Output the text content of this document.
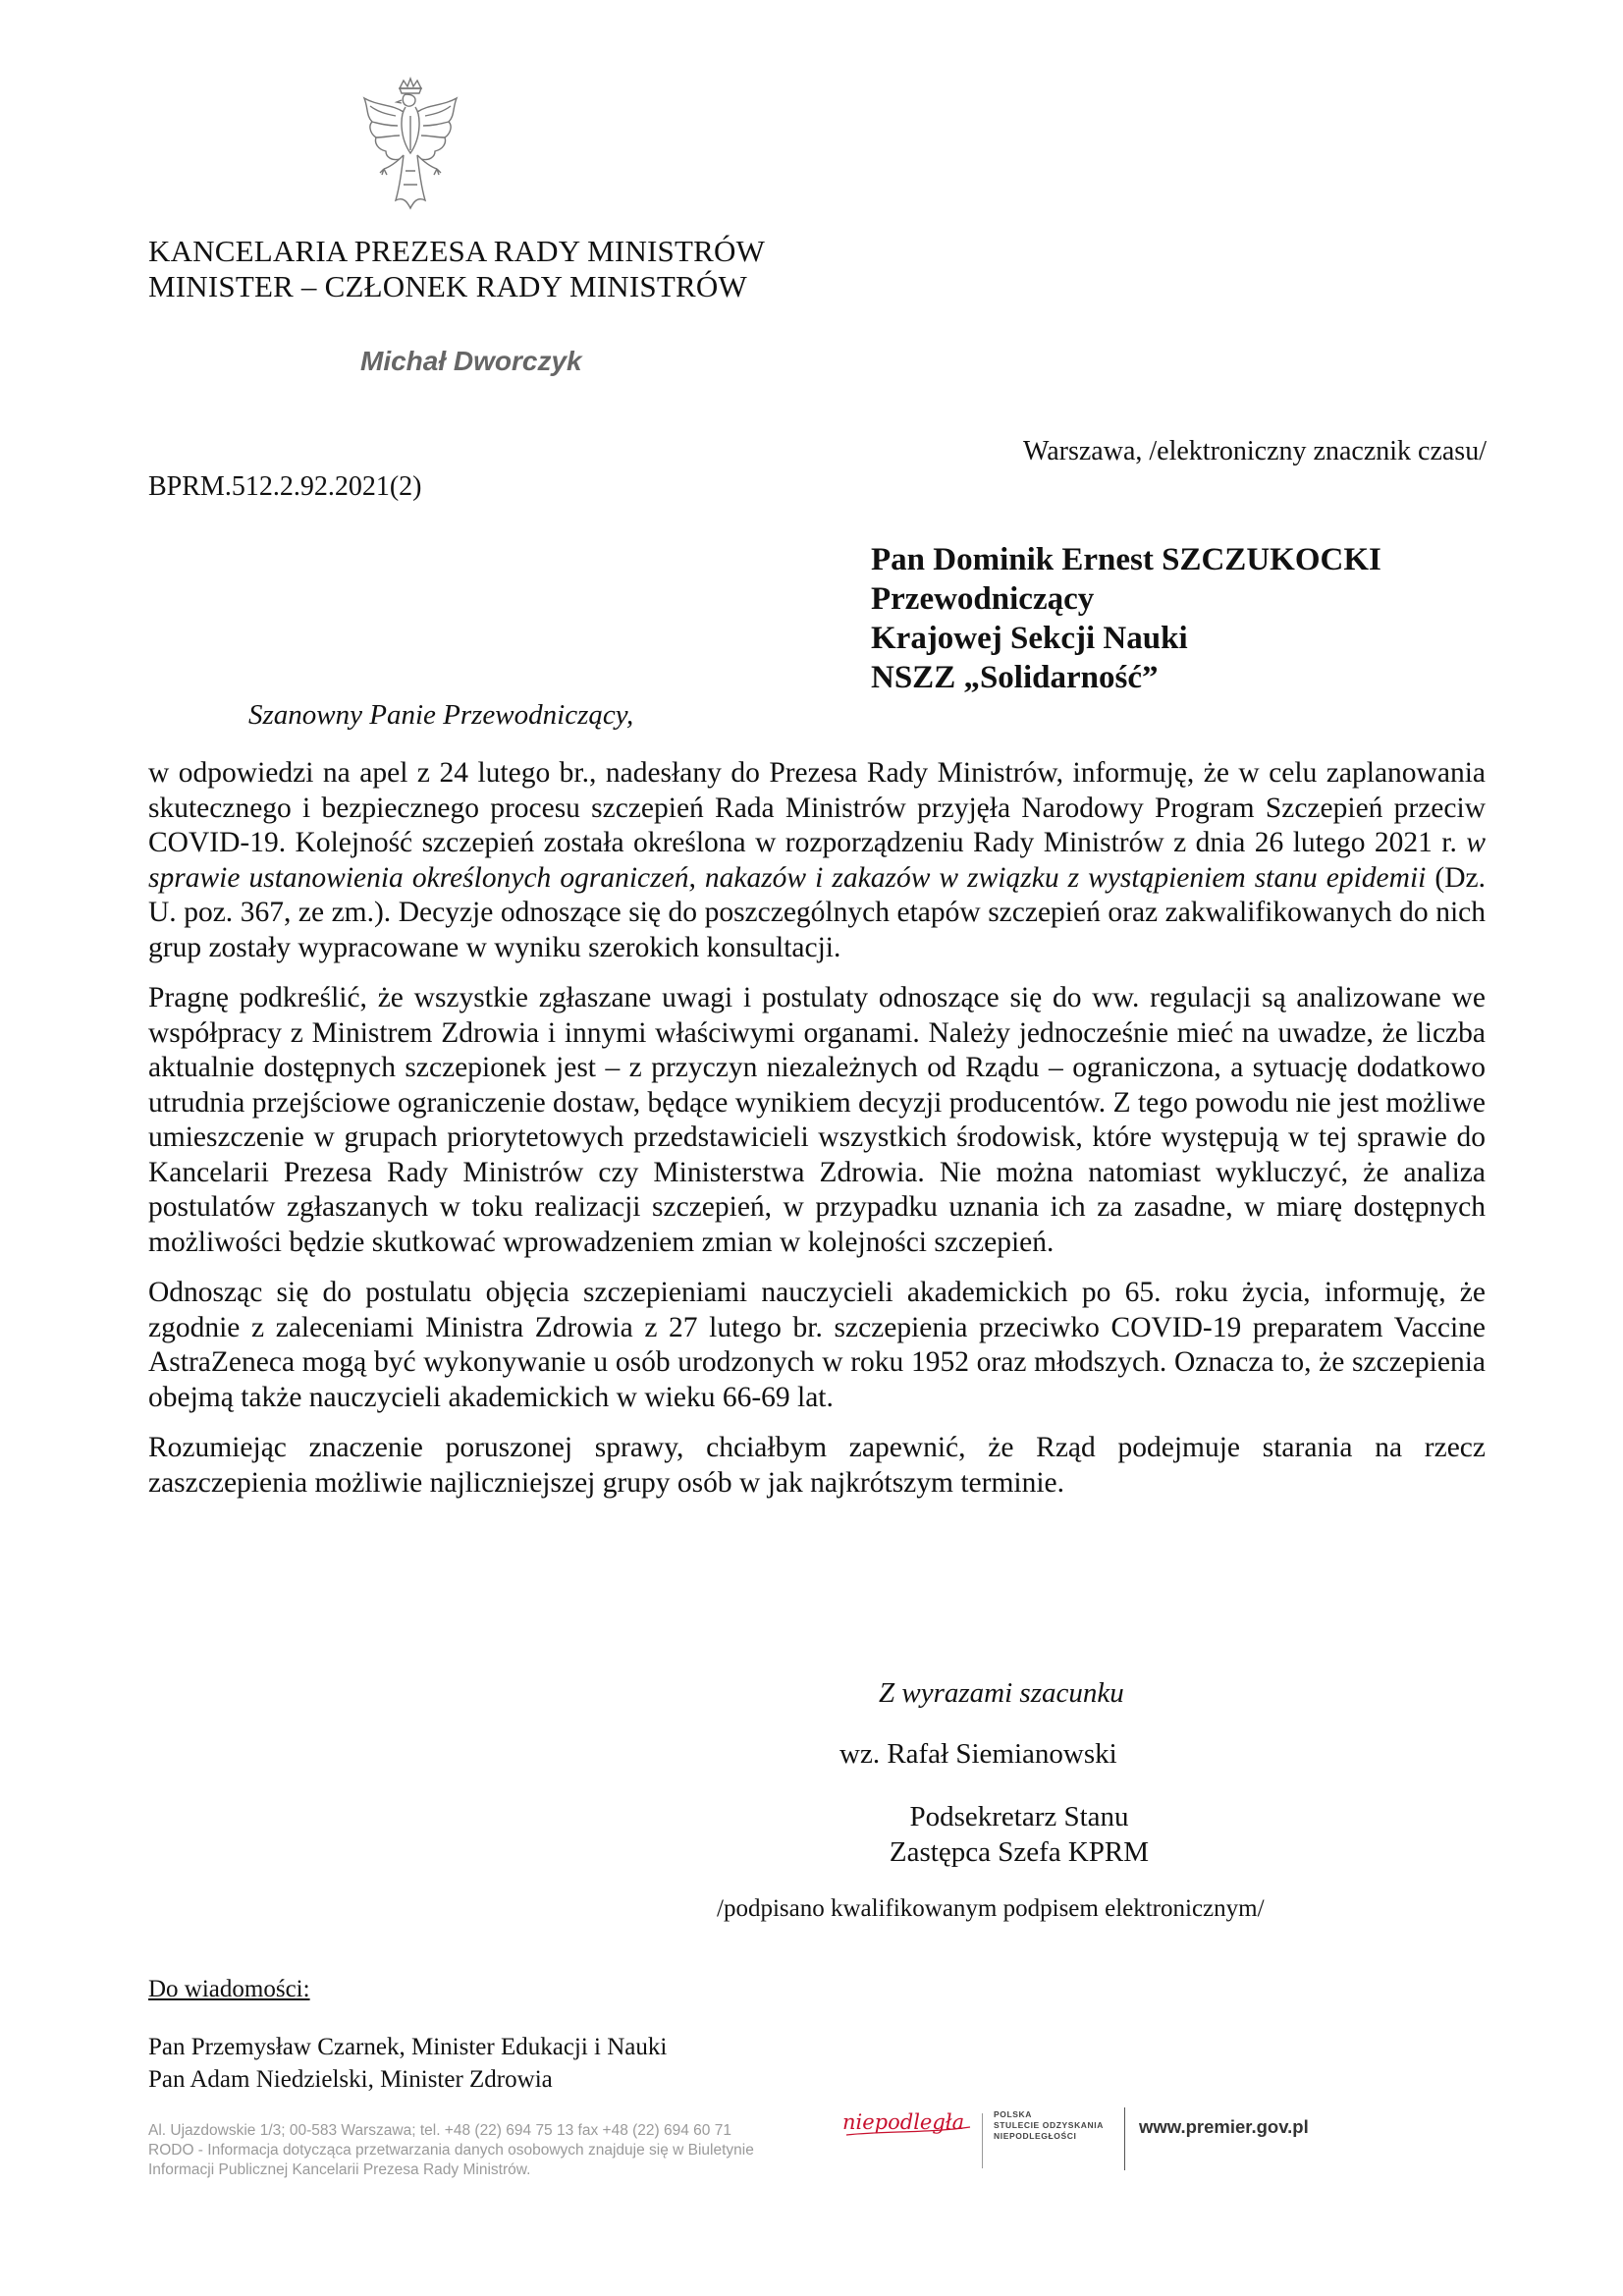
KANCELARIA PREZESA RADY MINISTRÓW
MINISTER – CZŁONEK RADY MINISTRÓW
Michał Dworczyk
Warszawa, /elektroniczny znacznik czasu/
BPRM.512.2.92.2021(2)
Pan Dominik Ernest SZCZUKOCKI
Przewodniczący
Krajowej Sekcji Nauki
NSZZ „Solidarność”
Szanowny Panie Przewodniczący,

w odpowiedzi na apel z 24 lutego br., nadesłany do Prezesa Rady Ministrów, informuję, że w celu zaplanowania skutecznego i bezpiecznego procesu szczepień Rada Ministrów przyjęła Narodowy Program Szczepień przeciw COVID-19. Kolejność szczepień została określona w rozporządzeniu Rady Ministrów z dnia 26 lutego 2021 r. w sprawie ustanowienia określonych ograniczeń, nakazów i zakazów w związku z wystąpieniem stanu epidemii (Dz. U. poz. 367, ze zm.). Decyzje odnoszące się do poszczególnych etapów szczepień oraz zakwalifikowanych do nich grup zostały wypracowane w wyniku szerokich konsultacji.

Pragnę podkreślić, że wszystkie zgłaszane uwagi i postulaty odnoszące się do ww. regulacji są analizowane we współpracy z Ministrem Zdrowia i innymi właściwymi organami. Należy jednocześnie mieć na uwadze, że liczba aktualnie dostępnych szczepionek jest – z przyczyn niezależnych od Rządu – ograniczona, a sytuację dodatkowo utrudnia przejściowe ograniczenie dostaw, będące wynikiem decyzji producentów. Z tego powodu nie jest możliwe umieszczenie w grupach priorytetowych przedstawicieli wszystkich środowisk, które występują w tej sprawie do Kancelarii Prezesa Rady Ministrów czy Ministerstwa Zdrowia. Nie można natomiast wykluczyć, że analiza postulatów zgłaszanych w toku realizacji szczepień, w przypadku uznania ich za zasadne, w miarę dostępnych możliwości będzie skutkować wprowadzeniem zmian w kolejności szczepień.

Odnosząc się do postulatu objęcia szczepieniami nauczycieli akademickich po 65. roku życia, informuję, że zgodnie z zaleceniami Ministra Zdrowia z 27 lutego br. szczepienia przeciwko COVID-19 preparatem Vaccine AstraZeneca mogą być wykonywanie u osób urodzonych w roku 1952 oraz młodszych. Oznacza to, że szczepienia obejmą także nauczycieli akademickich w wieku 66-69 lat.

Rozumiejąc znaczenie poruszonej sprawy, chciałbym zapewnić, że Rząd podejmuje starania na rzecz zaszczepienia możliwie najliczniejszej grupy osób w jak najkrótszym terminie.

Z wyrazami szacunku
wz. Rafał Siemianowski
Podsekretarz Stanu
Zastępca Szefa KPRM
/podpisano kwalifikowanym podpisem elektronicznym/
Do wiadomości:
Pan Przemysław Czarnek, Minister Edukacji i Nauki
Pan Adam Niedzielski, Minister Zdrowia
Al. Ujazdowskie 1/3; 00-583 Warszawa; tel. +48 (22) 694 75 13 fax +48 (22) 694 60 71
RODO - Informacja dotycząca przetwarzania danych osobowych znajduje się w Biuletynie
Informacji Publicznej Kancelarii Prezesa Rady Ministrów.
niepodległa	POLSKA
STULECIE ODZYSKANIA
NIEPODLEGŁOŚCI	www.premier.gov.pl
